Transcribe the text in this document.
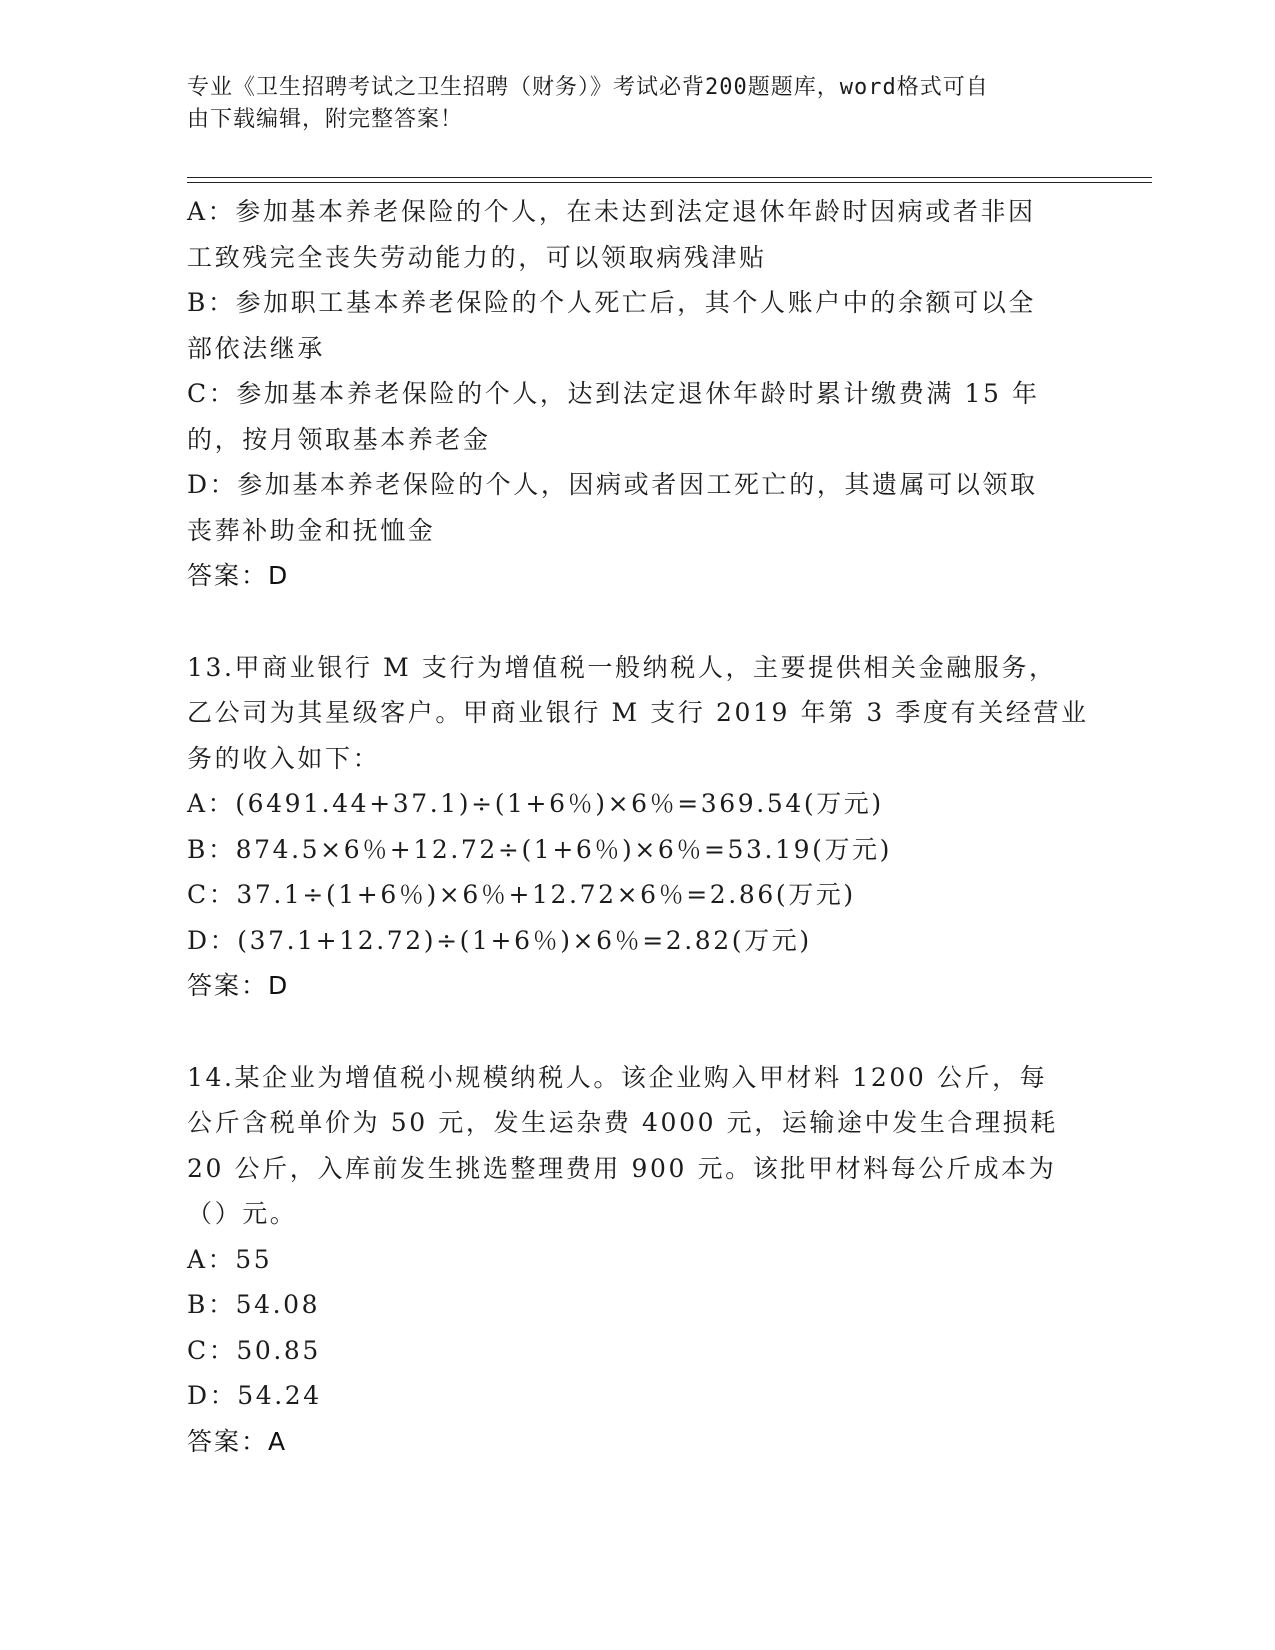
专业《卫生招聘考试之卫生招聘（财务）》考试必背200题题库，word格式可自
由下载编辑，附完整答案！
A：参加基本养老保险的个人，在未达到法定退休年龄时因病或者非因
工致残完全丧失劳动能力的，可以领取病残津贴
B：参加职工基本养老保险的个人死亡后，其个人账户中的余额可以全
部依法继承
C：参加基本养老保险的个人，达到法定退休年龄时累计缴费满 15 年
的，按月领取基本养老金
D：参加基本养老保险的个人，因病或者因工死亡的，其遗属可以领取
丧葬补助金和抚恤金
答案：D
13.甲商业银行 M 支行为增值税一般纳税人，主要提供相关金融服务，
乙公司为其星级客户。甲商业银行 M 支行 2019 年第 3 季度有关经营业
务的收入如下：
A：(6491.44+37.1)÷(1+6％)×6％=369.54(万元)
B：874.5×6％+12.72÷(1+6％)×6％=53.19(万元)
C：37.1÷(1+6％)×6％+12.72×6％=2.86(万元)
D：(37.1+12.72)÷(1+6％)×6％=2.82(万元)
答案：D
14.某企业为增值税小规模纳税人。该企业购入甲材料 1200 公斤，每
公斤含税单价为 50 元，发生运杂费 4000 元，运输途中发生合理损耗
20 公斤，入库前发生挑选整理费用 900 元。该批甲材料每公斤成本为
（）元。
A：55
B：54.08
C：50.85
D：54.24
答案：A
